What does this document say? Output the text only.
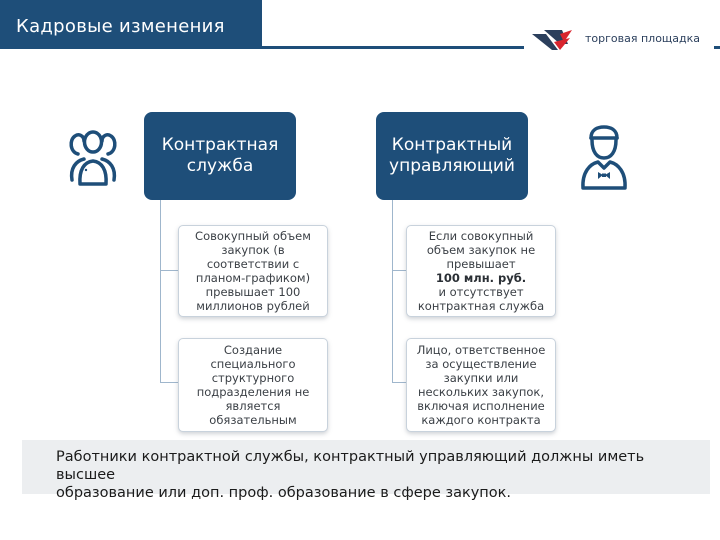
Кадровые изменения
торговая площадка
Контрактная
служба
Контрактный
управляющий
Совокупный объем
закупок (в
соответствии с
планом-графиком)
превышает 100
миллионов рублей
Создание
специального
структурного
подразделения не
является
обязательным
Если совокупный
объем закупок не
превышает
100 млн. руб.
и отсутствует
контрактная служба
Лицо, ответственное
за осуществление
закупки или
нескольких закупок,
включая исполнение
каждого контракта
Работники контрактной службы, контрактный управляющий должны иметь высшее
образование или доп. проф. образование в сфере закупок.
